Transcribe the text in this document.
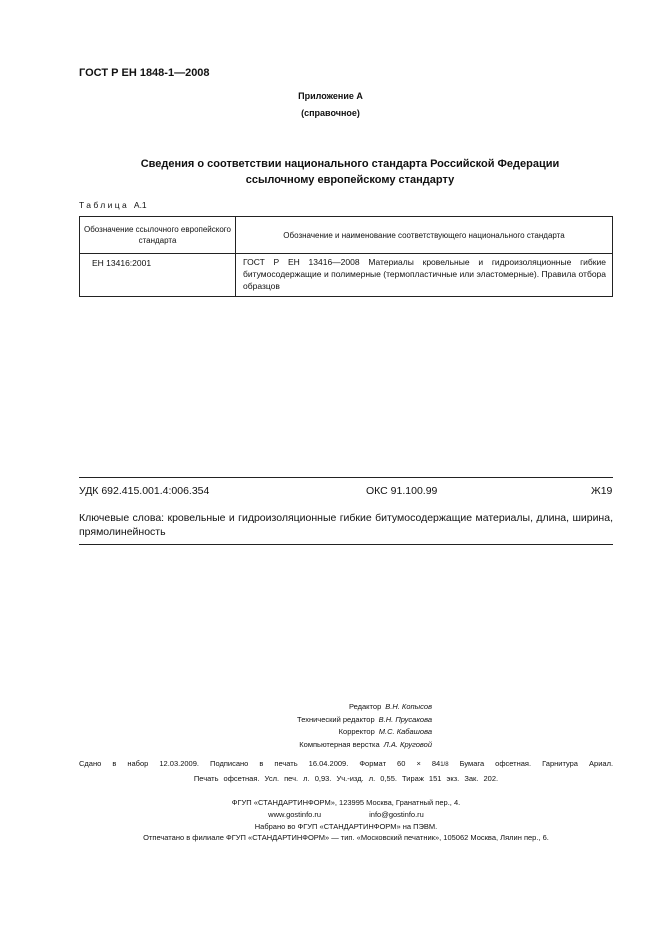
ГОСТ Р ЕН 1848-1—2008
Приложение А
(справочное)
Сведения о соответствии национального стандарта Российской Федерации
ссылочному европейскому стандарту
Таблица А.1
Обозначение ссылочного европейского стандарта	Обозначение и наименование соответствующего национального стандарта
ЕН 13416:2001	ГОСТ Р ЕН 13416—2008 Материалы кровельные и гидроизоляционные гибкие битумосодержащие и полимерные (термопластичные или эластомерные). Правила отбора образцов
УДК 692.415.001.4:006.354	ОКС 91.100.99	Ж19
Ключевые слова: кровельные и гидроизоляционные гибкие битумосодержащие материалы, длина, ширина, прямолинейность
Редактор В.Н. Копысов
Технический редактор В.Н. Прусакова
Корректор М.С. Кабашова
Компьютерная верстка Л.А. Круговой
Сдано в набор 12.03.2009. Подписано в печать 16.04.2009. Формат 60 × 841/8 Бумага офсетная. Гарнитура Ариал.
Печать офсетная. Усл. печ. л. 0,93. Уч.-изд. л. 0,55. Тираж 151 экз. Зак. 202.
ФГУП «СТАНДАРТИНФОРМ», 123995 Москва, Гранатный пер., 4.
www.gostinfo.ru	info@gostinfo.ru
Набрано во ФГУП «СТАНДАРТИНФОРМ» на ПЭВМ.
Отпечатано в филиале ФГУП «СТАНДАРТИНФОРМ» — тип. «Московский печатник», 105062 Москва, Лялин пер., 6.
